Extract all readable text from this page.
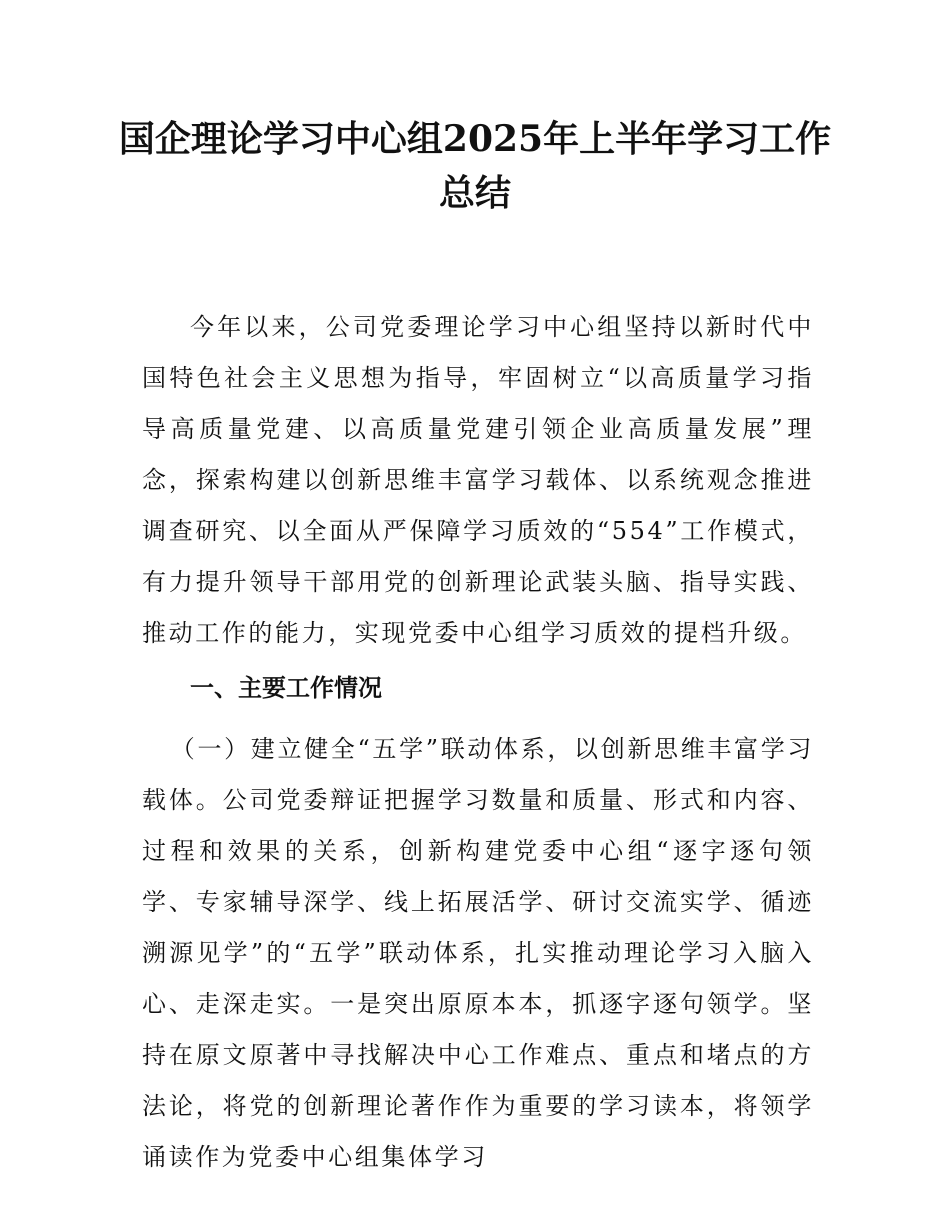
国企理论学习中心组2025年上半年学习工作
总结

今年以来，公司党委理论学习中心组坚持以新时代中国特色社会主义思想为指导，牢固树立“以高质量学习指导高质量党建、以高质量党建引领企业高质量发展”理念，探索构建以创新思维丰富学习载体、以系统观念推进调查研究、以全面从严保障学习质效的“554”工作模式，有力提升领导干部用党的创新理论武装头脑、指导实践、推动工作的能力，实现党委中心组学习质效的提档升级。

一、主要工作情况

（一）建立健全“五学”联动体系，以创新思维丰富学习载体。公司党委辩证把握学习数量和质量、形式和内容、过程和效果的关系，创新构建党委中心组“逐字逐句领学、专家辅导深学、线上拓展活学、研讨交流实学、循迹溯源见学”的“五学”联动体系，扎实推动理论学习入脑入心、走深走实。一是突出原原本本，抓逐字逐句领学。坚持在原文原著中寻找解决中心工作难点、重点和堵点的方法论，将党的创新理论著作作为重要的学习读本，将领学诵读作为党委中心组集体学习
